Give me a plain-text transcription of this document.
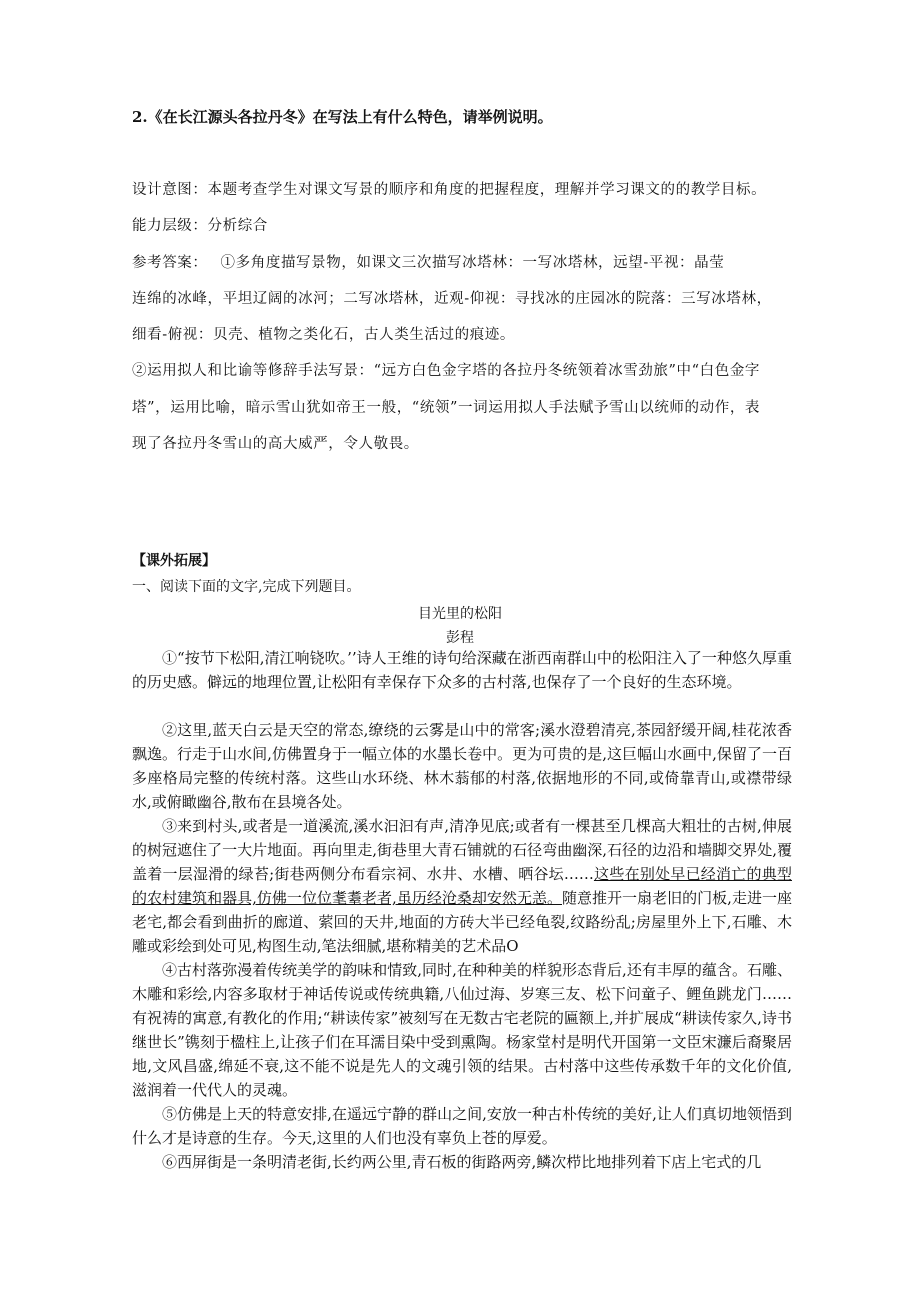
2.《在长江源头各拉丹冬》在写法上有什么特色，请举例说明。
设计意图：本题考查学生对课文写景的顺序和角度的把握程度，理解并学习课文的的教学目标。
能力层级：分析综合
参考答案：　 ①多角度描写景物，如课文三次描写冰塔林：一写冰塔林，远望-平视：晶莹
连绵的冰峰，平坦辽阔的冰河；二写冰塔林，近观-仰视：寻找冰的庄园冰的院落：三写冰塔林，
细看-俯视：贝壳、植物之类化石，古人类生活过的痕迹。
②运用拟人和比谕等修辞手法写景：“远方白色金字塔的各拉丹冬统领着冰雪劲旅”中“白色金字
塔”，运用比喻，暗示雪山犹如帝王一般，“统领”一词运用拟人手法赋予雪山以统师的动作，表
现了各拉丹冬雪山的高大威严，令人敬畏。
【课外拓展】
一、阅读下面的文字,完成下列题目。
目光里的松阳
彭程

①“按节下松阳,清江响铙吹。’’诗人王维的诗句给深藏在浙西南群山中的松阳注入了一种悠久厚重的历史感。僻远的地理位置,让松阳有幸保存下众多的古村落,也保存了一个良好的生态环境。

②这里,蓝天白云是天空的常态,缭绕的云雾是山中的常客;溪水澄碧清亮,茶园舒缓开阔,桂花浓香飘逸。行走于山水间,仿佛置身于一幅立体的水墨长卷中。更为可贵的是,这巨幅山水画中,保留了一百多座格局完整的传统村落。这些山水环绕、林木蓊郁的村落,依据地形的不同,或倚靠青山,或襟带绿水,或俯瞰幽谷,散布在县境各处。

③来到村头,或者是一道溪流,溪水汩汩有声,清净见底;或者有一棵甚至几棵高大粗壮的古树,伸展的树冠遮住了一大片地面。再向里走,街巷里大青石铺就的石径弯曲幽深,石径的边沿和墙脚交界处,覆盖着一层湿滑的绿苔;街巷两侧分布看宗祠、水井、水槽、晒谷坛……这些在别处早已经消亡的典型的农村建筑和器具,仿佛一位位耄耋老者,虽历经沧桑却安然无恙。随意推开一扇老旧的门板,走进一座老宅,都会看到曲折的廊道、萦回的天井,地面的方砖大半已经龟裂,纹路纷乱;房屋里外上下,石雕、木雕或彩绘到处可见,构图生动,笔法细腻,堪称精美的艺术品O

④古村落弥漫着传统美学的韵味和情致,同时,在种种美的样貌形态背后,还有丰厚的蕴含。石雕、木雕和彩绘,内容多取材于神话传说或传统典籍,八仙过海、岁寒三友、松下问童子、鲤鱼跳龙门……有祝祷的寓意,有教化的作用;“耕读传家”被刻写在无数古宅老院的匾额上,并扩展成“耕读传家久,诗书继世长”镌刻于楹柱上,让孩子们在耳濡目染中受到熏陶。杨家堂村是明代开国第一文臣宋濂后裔聚居地,文风昌盛,绵延不衰,这不能不说是先人的文魂引领的结果。古村落中这些传承数千年的文化价值,滋润着一代代人的灵魂。

⑤仿佛是上天的特意安排,在遥远宁静的群山之间,安放一种古朴传统的美好,让人们真切地领悟到什么才是诗意的生存。今天,这里的人们也没有辜负上苍的厚爱。

⑥西屏街是一条明清老街,长约两公里,青石板的街路两旁,鳞次栉比地排列着下店上宅式的几
